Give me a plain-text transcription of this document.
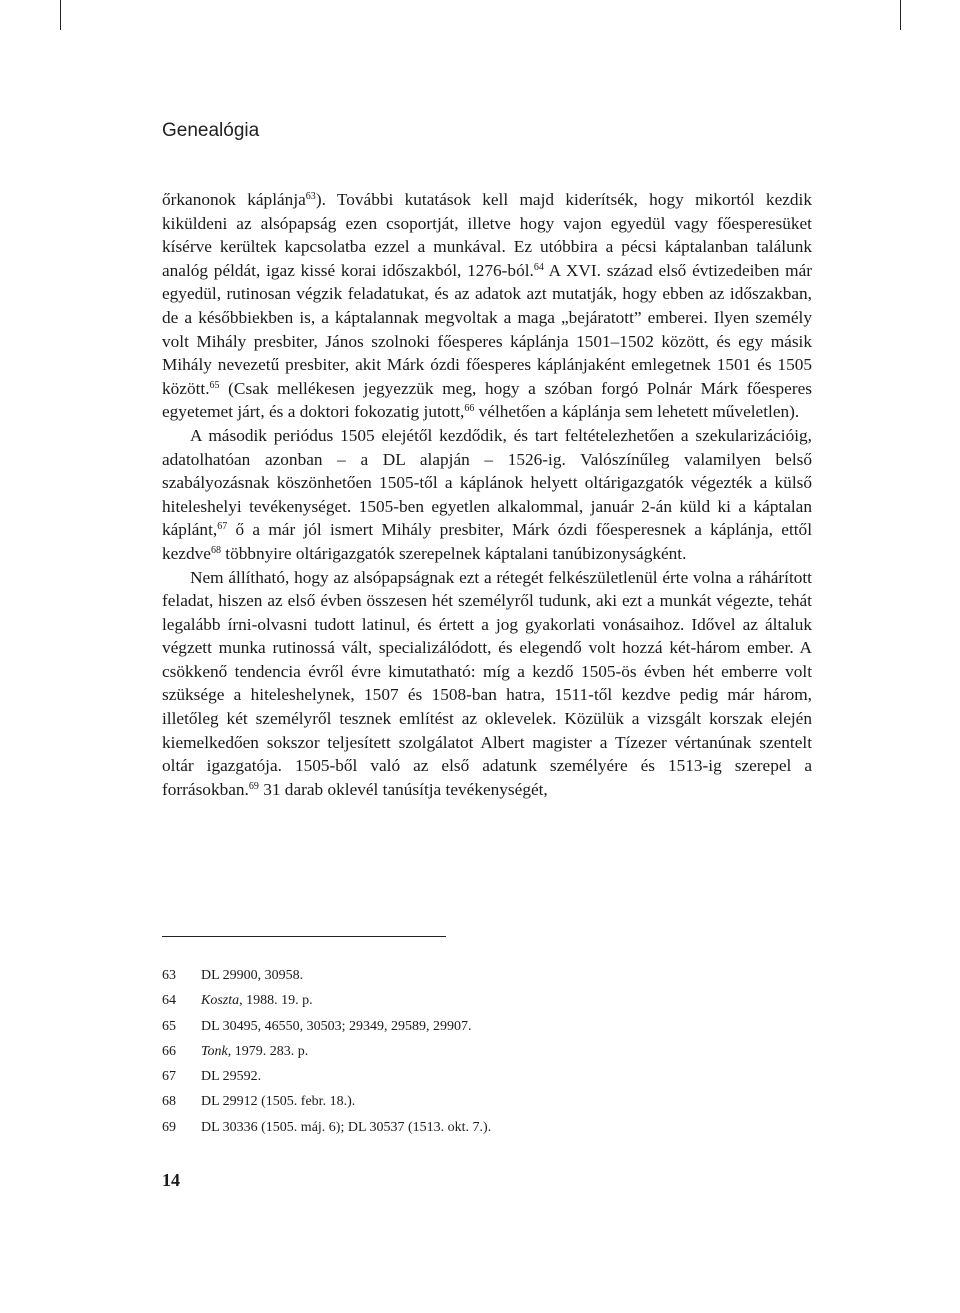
Genealógia

őrkanonok káplánja$^{63}$). További kutatások kell majd kiderítsék, hogy mikortól kezdik kiküldeni az alsópapság ezen csoportját, illetve hogy vajon egyedül vagy főesperesüket kísérve kerültek kapcsolatba ezzel a munkával. Ez utóbbira a pécsi káptalanban találunk analóg példát, igaz kissé korai időszakból, 1276-ból.$^{64}$ A XVI. század első évtizedeiben már egyedül, rutinosan végzik feladatukat, és az adatok azt mutatják, hogy ebben az időszakban, de a későbbiekben is, a káptalannak megvoltak a maga „bejáratott” emberei. Ilyen személy volt Mihály presbiter, János szolnoki főesperes káplánja 1501–1502 között, és egy másik Mihály nevezetű presbiter, akit Márk ózdi főesperes káplánjaként emlegetnek 1501 és 1505 között.$^{65}$ (Csak mellékesen jegyezzük meg, hogy a szóban forgó Polnár Márk főesperes egyetemet járt, és a doktori fokozatig jutott,$^{66}$ vélhetően a káplánja sem lehetett műveletlen).

A második periódus 1505 elejétől kezdődik, és tart feltételezhetően a szekularizációig, adatolhatóan azonban – a DL alapján – 1526-ig. Valószínűleg valamilyen belső szabályozásnak köszönhetően 1505-től a káplánok helyett oltárigazgatók végezték a külső hiteleshelyi tevékenységet. 1505-ben egyetlen alkalommal, január 2-án küld ki a káptalan káplánt,$^{67}$ ő a már jól ismert Mihály presbiter, Márk ózdi főesperesnek a káplánja, ettől kezdve$^{68}$ többnyire oltárigazgatók szerepelnek káptalani tanúbizonyságként.

Nem állítható, hogy az alsópapságnak ezt a rétegét felkészületlenül érte volna a ráhárított feladat, hiszen az első évben összesen hét személyről tudunk, aki ezt a munkát végezte, tehát legalább írni-olvasni tudott latinul, és értett a jog gyakorlati vonásaihoz. Idővel az általuk végzett munka rutinossá vált, specializálódott, és elegendő volt hozzá két-három ember. A csökkenő tendencia évről évre kimutatható: míg a kezdő 1505-ös évben hét emberre volt szüksége a hiteleshelynek, 1507 és 1508-ban hatra, 1511-től kezdve pedig már három, illetőleg két személyről tesznek említést az oklevelek. Közülük a vizsgált korszak elején kiemelkedően sokszor teljesített szolgálatot Albert magister a Tízezer vértanúnak szentelt oltár igazgatója. 1505-ből való az első adatunk személyére és 1513-ig szerepel a forrásokban.$^{69}$ 31 darab oklevél tanúsítja tevékenységét,

63 DL 29900, 30958.
64 Koszta, 1988. 19. p.
65 DL 30495, 46550, 30503; 29349, 29589, 29907.
66 Tonk, 1979. 283. p.
67 DL 29592.
68 DL 29912 (1505. febr. 18.).
69 DL 30336 (1505. máj. 6); DL 30537 (1513. okt. 7.).

14
